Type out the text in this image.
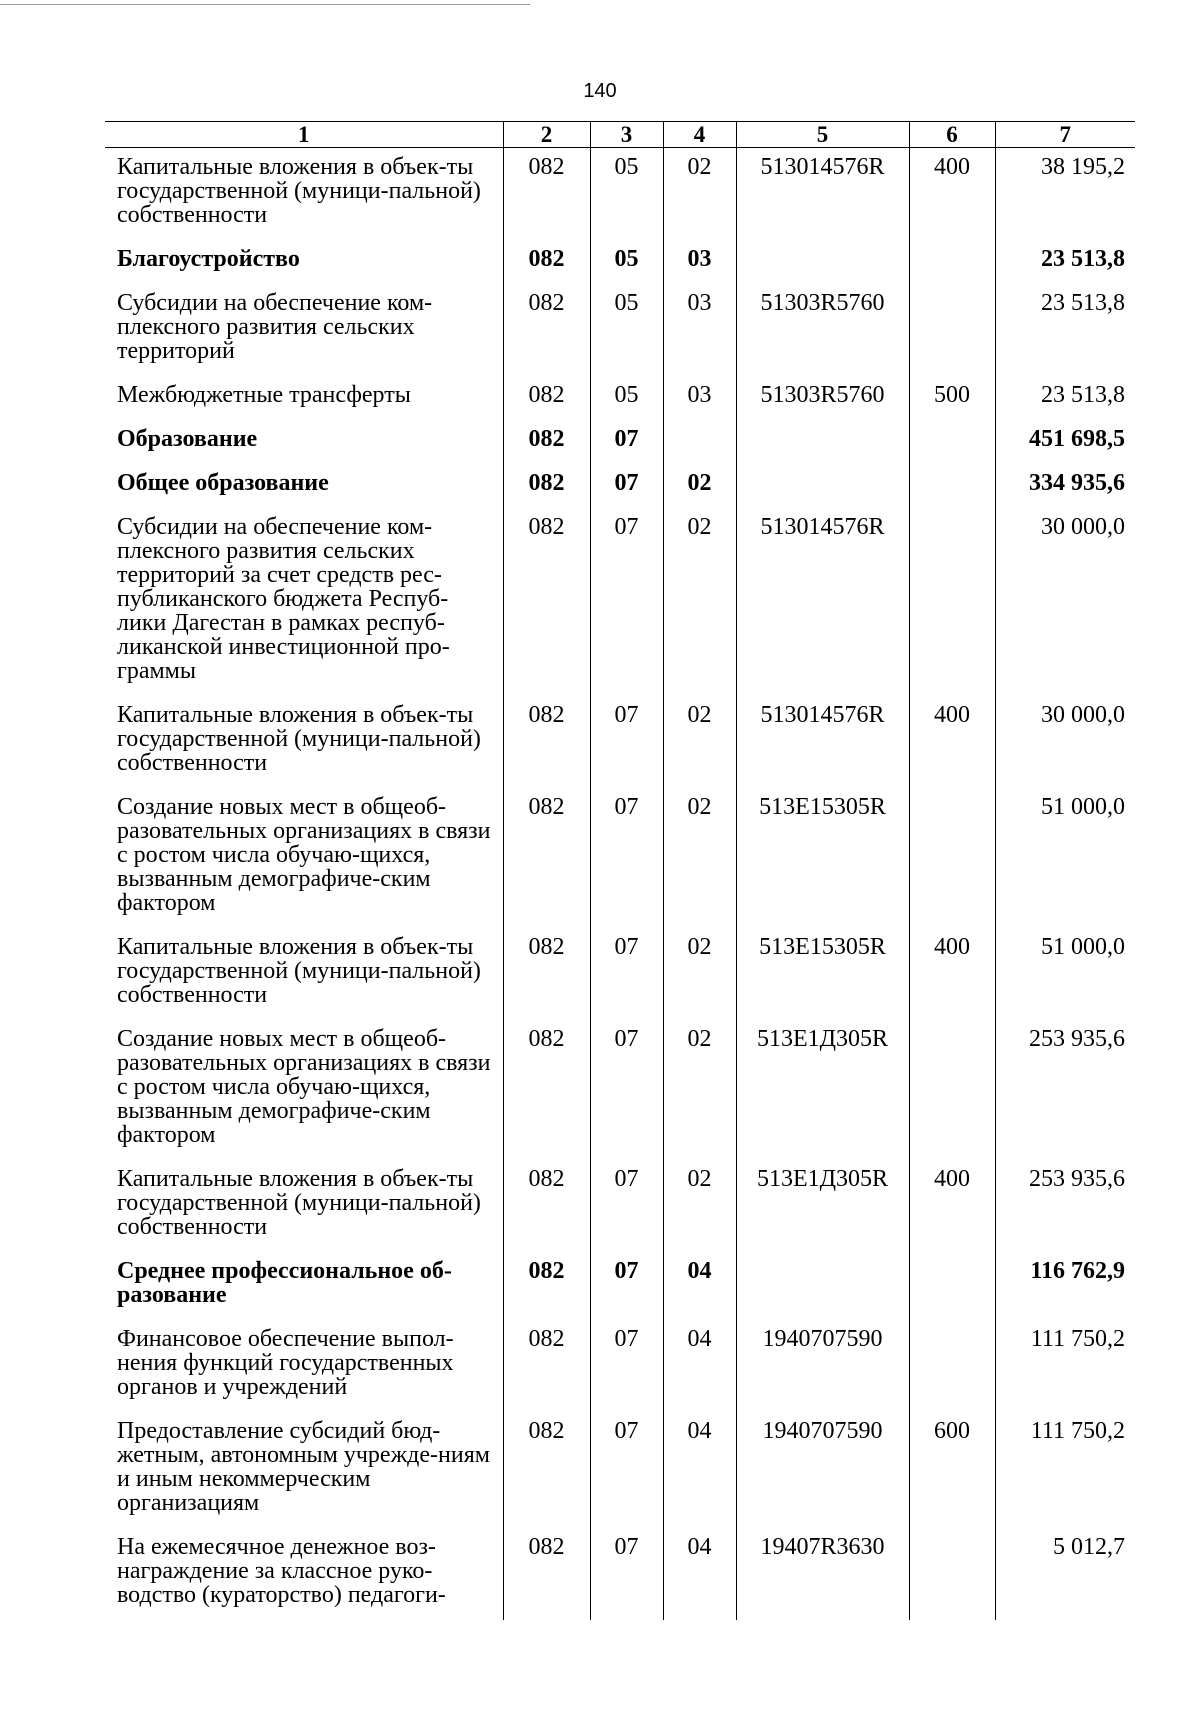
140
1	2	3	4	5	6	7
Капитальные вложения в объек-ты государственной (муници-пальной) собственности	082	05	02	513014576R	400	38 195,2
Благоустройство	082	05	03			23 513,8
Субсидии на обеспечение ком-плексного развития сельских территорий	082	05	03	51303R5760		23 513,8
Межбюджетные трансферты	082	05	03	51303R5760	500	23 513,8
Образование	082	07				451 698,5
Общее образование	082	07	02			334 935,6
Субсидии на обеспечение ком-плексного развития сельских территорий за счет средств рес-публиканского бюджета Респуб-лики Дагестан в рамках респуб-ликанской инвестиционной про-граммы	082	07	02	513014576R		30 000,0
Капитальные вложения в объек-ты государственной (муници-пальной) собственности	082	07	02	513014576R	400	30 000,0
Создание новых мест в общеоб-разовательных организациях в связи с ростом числа обучаю-щихся, вызванным демографиче-ским фактором	082	07	02	513E15305R		51 000,0
Капитальные вложения в объек-ты государственной (муници-пальной) собственности	082	07	02	513E15305R	400	51 000,0
Создание новых мест в общеоб-разовательных организациях в связи с ростом числа обучаю-щихся, вызванным демографиче-ским фактором	082	07	02	513E1Д305R		253 935,6
Капитальные вложения в объек-ты государственной (муници-пальной) собственности	082	07	02	513E1Д305R	400	253 935,6
Среднее профессиональное об-разование	082	07	04			116 762,9
Финансовое обеспечение выпол-нения функций государственных органов и учреждений	082	07	04	1940707590		111 750,2
Предоставление субсидий бюд-жетным, автономным учрежде-ниям и иным некоммерческим организациям	082	07	04	1940707590	600	111 750,2
На ежемесячное денежное воз-награждение за классное руко-водство (кураторство) педагоги-	082	07	04	19407R3630		5 012,7
